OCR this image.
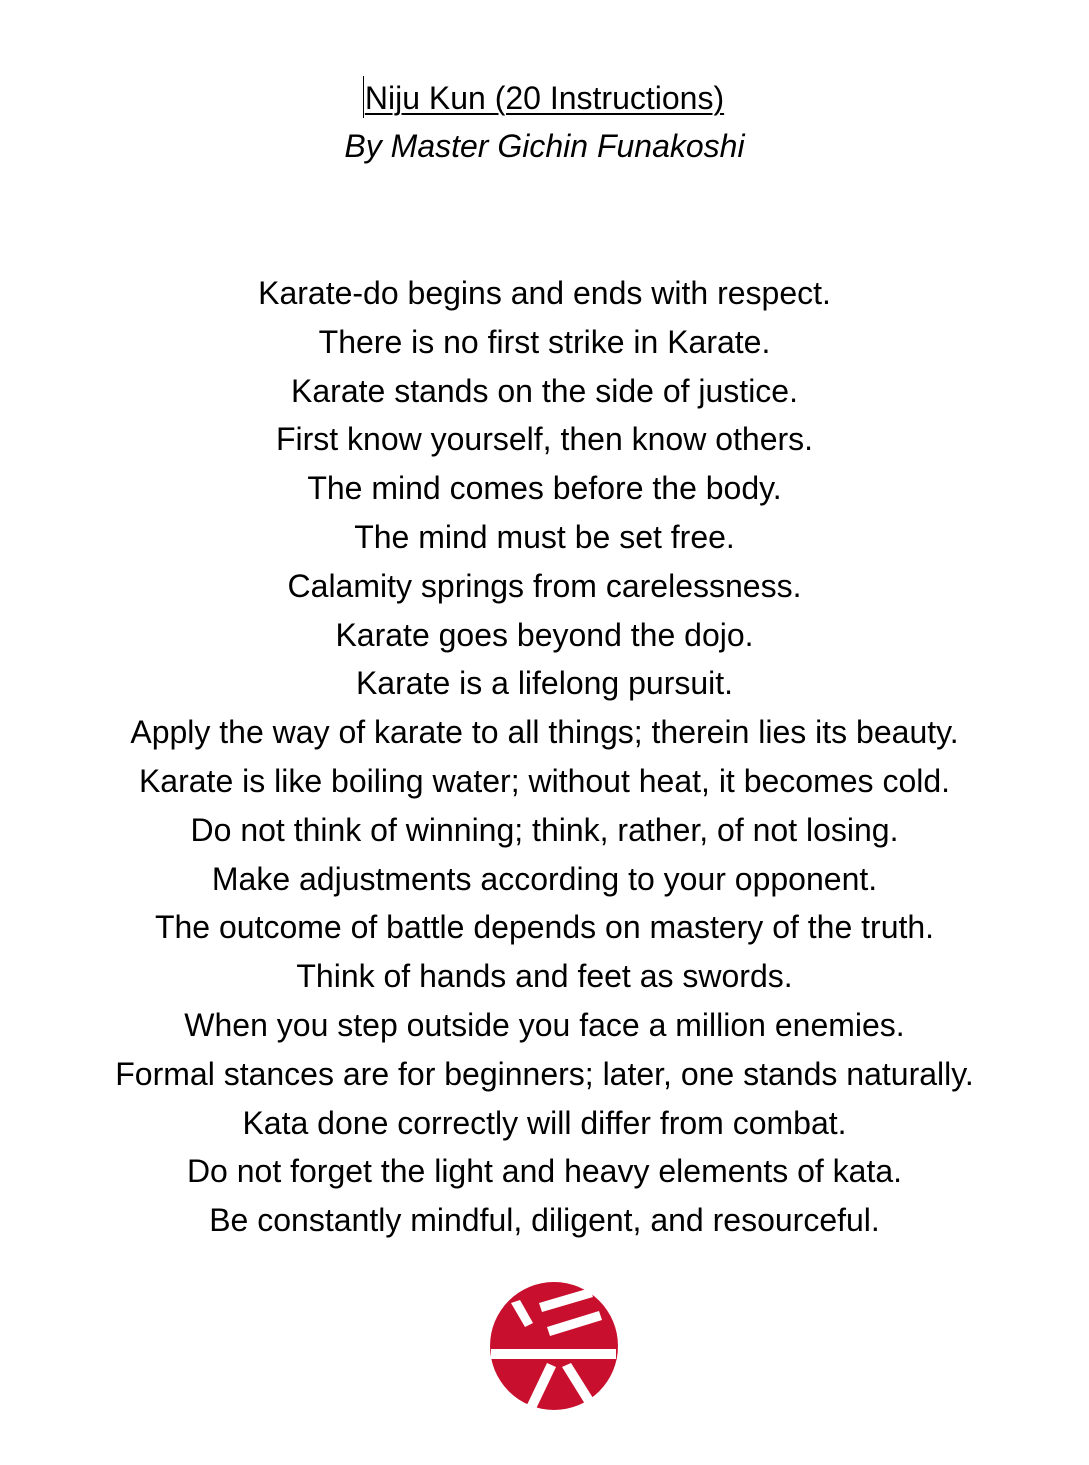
Niju Kun (20 Instructions)
By Master Gichin Funakoshi
Karate-do begins and ends with respect.
There is no first strike in Karate.
Karate stands on the side of justice.
First know yourself, then know others.
The mind comes before the body.
The mind must be set free.
Calamity springs from carelessness.
Karate goes beyond the dojo.
Karate is a lifelong pursuit.
Apply the way of karate to all things; therein lies its beauty.
Karate is like boiling water; without heat, it becomes cold.
Do not think of winning; think, rather, of not losing.
Make adjustments according to your opponent.
The outcome of battle depends on mastery of the truth.
Think of hands and feet as swords.
When you step outside you face a million enemies.
Formal stances are for beginners; later, one stands naturally.
Kata done correctly will differ from combat.
Do not forget the light and heavy elements of kata.
Be constantly mindful, diligent, and resourceful.
